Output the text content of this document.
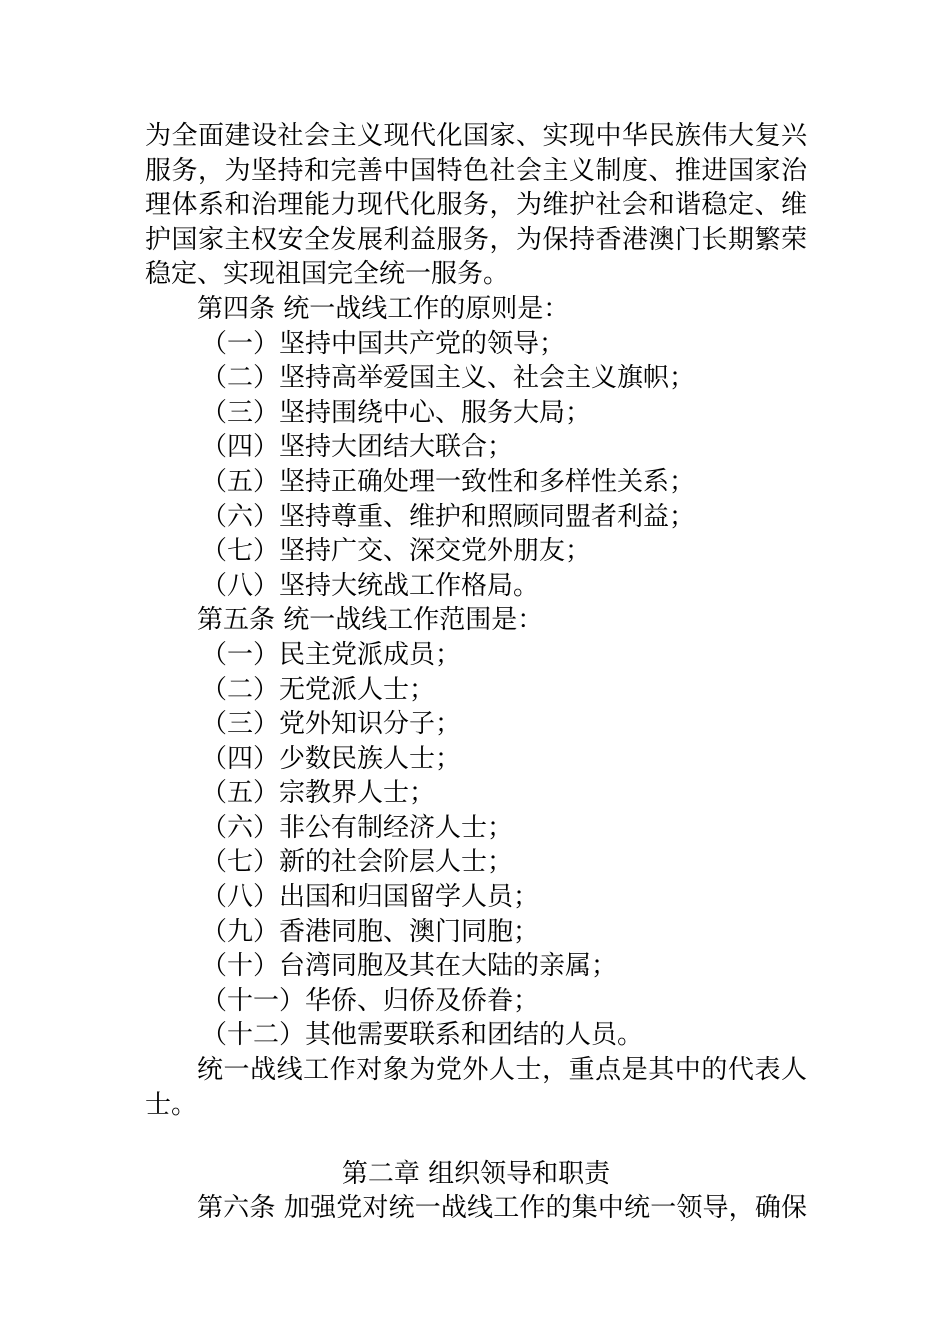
为全面建设社会主义现代化国家、实现中华民族伟大复兴
服务，为坚持和完善中国特色社会主义制度、推进国家治
理体系和治理能力现代化服务，为维护社会和谐稳定、维
护国家主权安全发展利益服务，为保持香港澳门长期繁荣
稳定、实现祖国完全统一服务。
第四条 统一战线工作的原则是：
（一）坚持中国共产党的领导；
（二）坚持高举爱国主义、社会主义旗帜；
（三）坚持围绕中心、服务大局；
（四）坚持大团结大联合；
（五）坚持正确处理一致性和多样性关系；
（六）坚持尊重、维护和照顾同盟者利益；
（七）坚持广交、深交党外朋友；
（八）坚持大统战工作格局。
第五条 统一战线工作范围是：
（一）民主党派成员；
（二）无党派人士；
（三）党外知识分子；
（四）少数民族人士；
（五）宗教界人士；
（六）非公有制经济人士；
（七）新的社会阶层人士；
（八）出国和归国留学人员；
（九）香港同胞、澳门同胞；
（十）台湾同胞及其在大陆的亲属；
（十一）华侨、归侨及侨眷；
（十二）其他需要联系和团结的人员。
统一战线工作对象为党外人士，重点是其中的代表人
士。
第二章 组织领导和职责
第六条 加强党对统一战线工作的集中统一领导，确保
